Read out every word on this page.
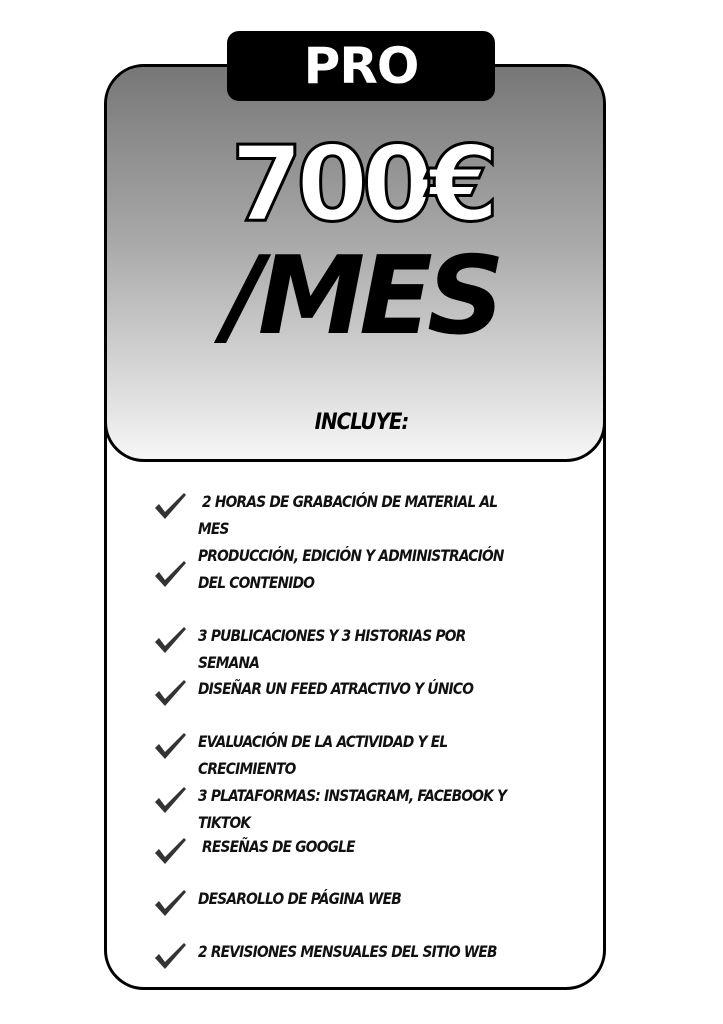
PRO
700€
/MES
INCLUYE:
2 HORAS DE GRABACIÓN DE MATERIAL AL MES
PRODUCCIÓN, EDICIÓN Y ADMINISTRACIÓN  DEL CONTENIDO
3 PUBLICACIONES Y 3 HISTORIAS POR SEMANA
DISEÑAR UN FEED ATRACTIVO Y ÚNICO
EVALUACIÓN DE LA ACTIVIDAD Y EL CRECIMIENTO
3 PLATAFORMAS: INSTAGRAM, FACEBOOK Y TIKTOK
RESEÑAS DE GOOGLE
DESAROLLO DE PÁGINA WEB
2 REVISIONES MENSUALES DEL SITIO WEB
